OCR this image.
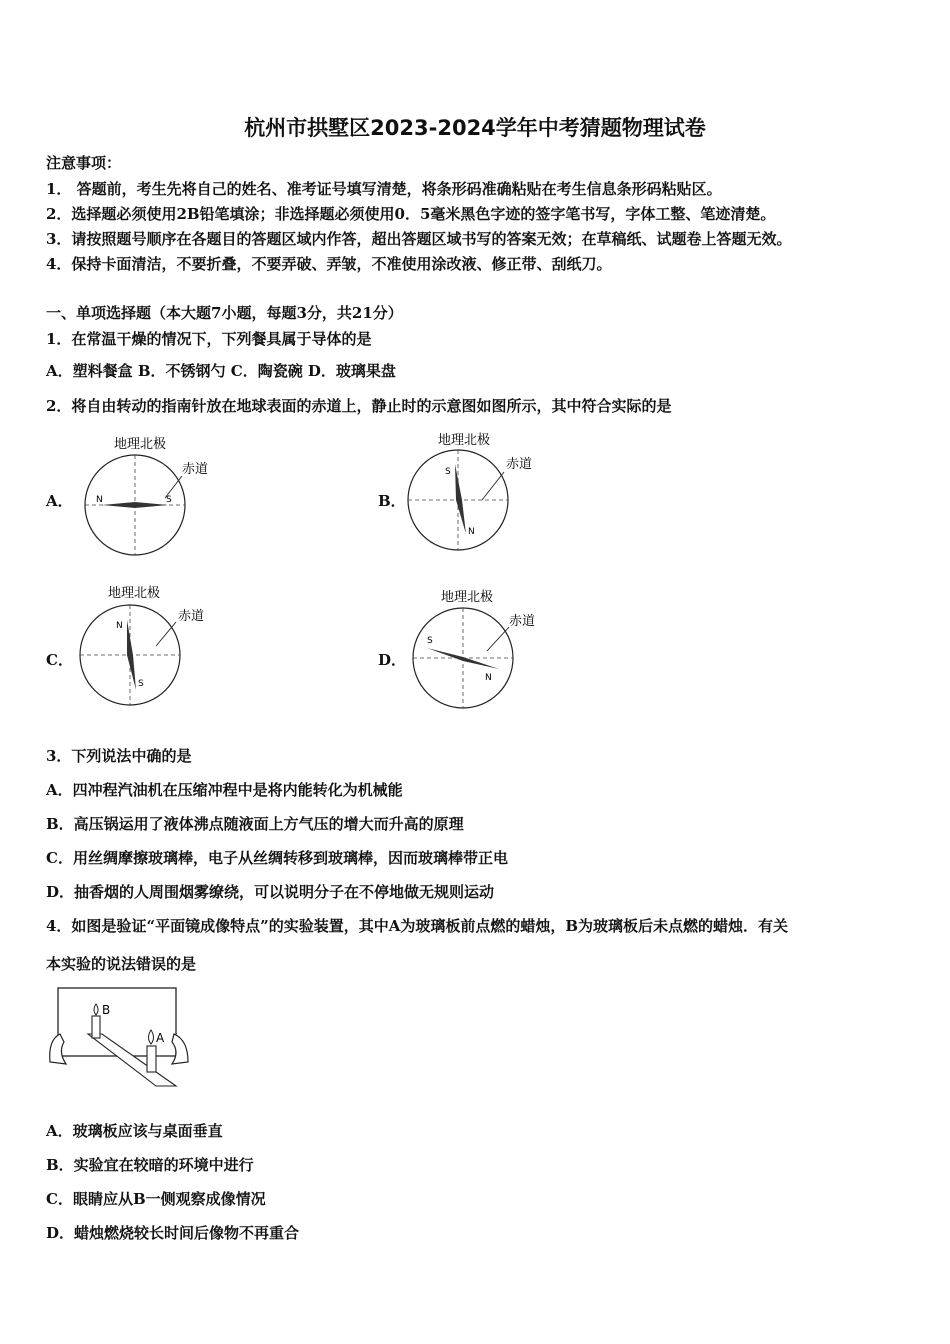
杭州市拱墅区2023-2024学年中考猜题物理试卷
注意事项：
1． 答题前，考生先将自己的姓名、准考证号填写清楚，将条形码准确粘贴在考生信息条形码粘贴区。
2．选择题必须使用2B铅笔填涂；非选择题必须使用0．5毫米黑色字迹的签字笔书写，字体工整、笔迹清楚。
3．请按照题号顺序在各题目的答题区域内作答，超出答题区域书写的答案无效；在草稿纸、试题卷上答题无效。
4．保持卡面清洁，不要折叠，不要弄破、弄皱，不准使用涂改液、修正带、刮纸刀。
一、单项选择题（本大题7小题，每题3分，共21分）
1．在常温干燥的情况下，下列餐具属于导体的是
A．塑料餐盒 B．不锈钢勺 C．陶瓷碗 D．玻璃果盘
2．将自由转动的指南针放在地球表面的赤道上，静止时的示意图如图所示，其中符合实际的是
A．	B．
C．	D．
地理北极
赤道
N	S
地理北极
赤道
S
N
地理北极
赤道
N
S
地理北极
赤道
S
N
3．下列说法中确的是
A．四冲程汽油机在压缩冲程中是将内能转化为机械能
B．高压锅运用了液体沸点随液面上方气压的增大而升高的原理
C．用丝绸摩擦玻璃棒，电子从丝绸转移到玻璃棒，因而玻璃棒带正电
D．抽香烟的人周围烟雾缭绕，可以说明分子在不停地做无规则运动
4．如图是验证“平面镜成像特点”的实验装置，其中A为玻璃板前点燃的蜡烛，B为玻璃板后未点燃的蜡烛．有关
本实验的说法错误的是
B
A
A．玻璃板应该与桌面垂直
B．实验宜在较暗的环境中进行
C．眼睛应从B一侧观察成像情况
D．蜡烛燃烧较长时间后像物不再重合
